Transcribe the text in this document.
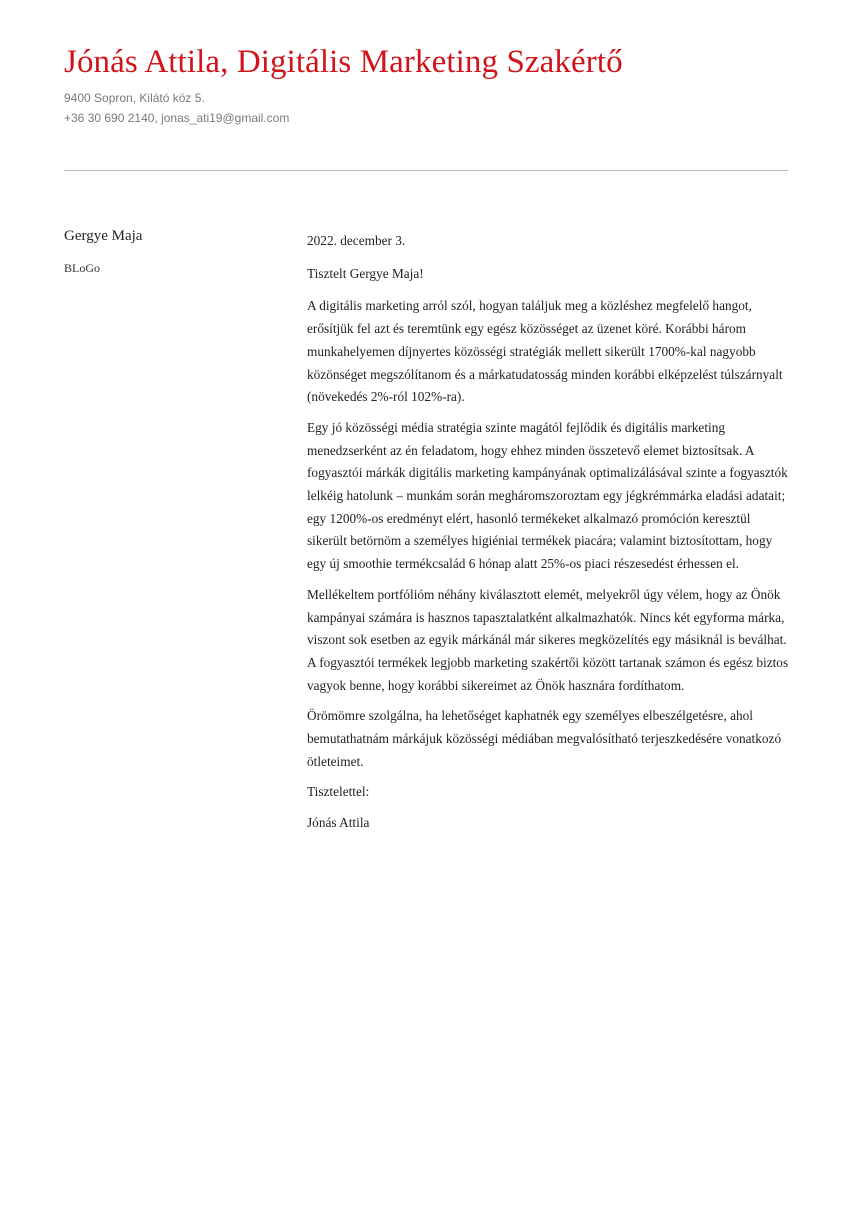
Jónás Attila, Digitális Marketing Szakértő
9400 Sopron, Kilátó köz 5.
+36 30 690 2140, jonas_ati19@gmail.com
Gergye Maja
BLoGo

2022. december 3.

Tisztelt Gergye Maja!

A digitális marketing arról szól, hogyan találjuk meg a közléshez megfelelő hangot, erősítjük fel azt és teremtünk egy egész közösséget az üzenet köré. Korábbi három munkahelyemen díjnyertes közösségi stratégiák mellett sikerült 1700%-kal nagyobb közönséget megszólítanom és a márkatudatosság minden korábbi elképzelést túlszárnyalt (növekedés 2%-ról 102%-ra).

Egy jó közösségi média stratégia szinte magától fejlődik és digitális marketing menedzserként az én feladatom, hogy ehhez minden összetevő elemet biztosítsak. A fogyasztói márkák digitális marketing kampányának optimalizálásával szinte a fogyasztók lelkéig hatolunk – munkám során megháromszoroztam egy jégkrémmárka eladási adatait; egy 1200%-os eredményt elért, hasonló termékeket alkalmazó promóción keresztül sikerült betörnöm a személyes higiéniai termékek piacára; valamint biztosítottam, hogy egy új smoothie termékcsalád 6 hónap alatt 25%-os piaci részesedést érhessen el.

Mellékeltem portfólióm néhány kiválasztott elemét, melyekről úgy vélem, hogy az Önök kampányai számára is hasznos tapasztalatként alkalmazhatók. Nincs két egyforma márka, viszont sok esetben az egyik márkánál már sikeres megközelítés egy másiknál is beválhat. A fogyasztói termékek legjobb marketing szakértői között tartanak számon és egész biztos vagyok benne, hogy korábbi sikereimet az Önök hasznára fordíthatom.

Örömömre szolgálna, ha lehetőséget kaphatnék egy személyes elbeszélgetésre, ahol bemutathatnám márkájuk közösségi médiában megvalósítható terjeszkedésére vonatkozó ötleteimet.

Tisztelettel:

Jónás Attila
